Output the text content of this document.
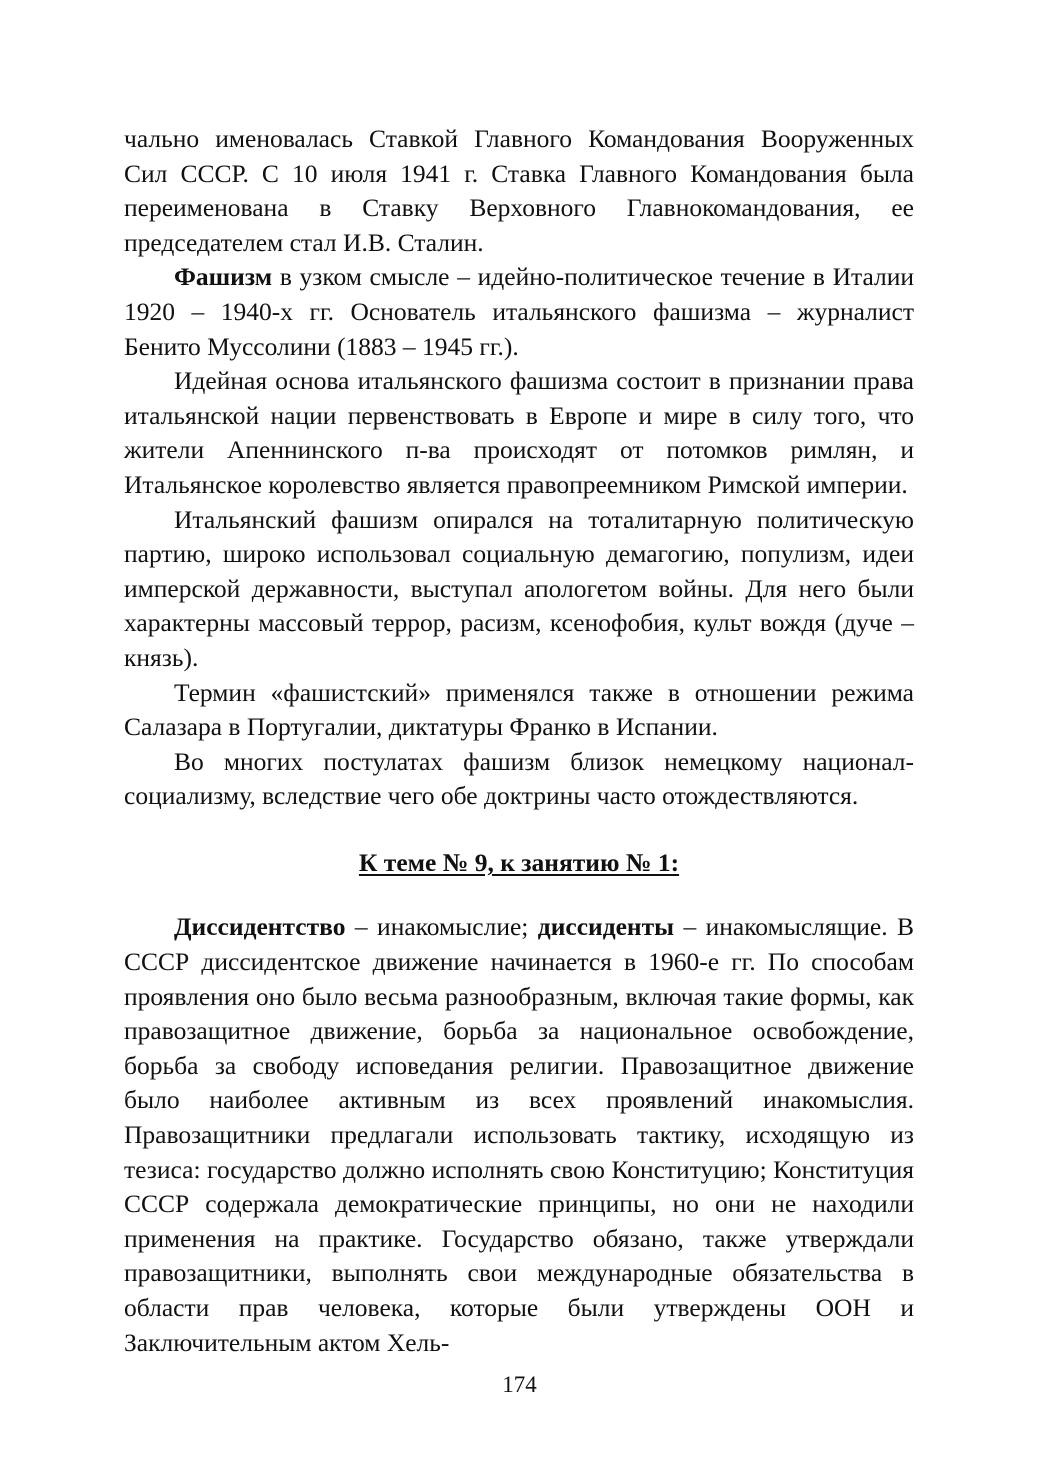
чально именовалась Ставкой Главного Командования Вооруженных Сил СССР. С 10 июля 1941 г. Ставка Главного Командования была переименована в Ставку Верховного Главнокомандования, ее председателем стал И.В. Сталин.

Фашизм в узком смысле – идейно-политическое течение в Италии 1920 – 1940-х гг. Основатель итальянского фашизма – журналист Бенито Муссолини (1883 – 1945 гг.).

Идейная основа итальянского фашизма состоит в признании права итальянской нации первенствовать в Европе и мире в силу того, что жители Апеннинского п-ва происходят от потомков римлян, и Итальянское королевство является правопреемником Римской империи.

Итальянский фашизм опирался на тоталитарную политическую партию, широко использовал социальную демагогию, популизм, идеи имперской державности, выступал апологетом войны. Для него были характерны массовый террор, расизм, ксенофобия, культ вождя (дуче – князь).

Термин «фашистский» применялся также в отношении режима Салазара в Португалии, диктатуры Франко в Испании.

Во многих постулатах фашизм близок немецкому национал-социализму, вследствие чего обе доктрины часто отождествляются.

К теме № 9, к занятию № 1:

Диссидентство – инакомыслие; диссиденты – инакомыслящие. В СССР диссидентское движение начинается в 1960-е гг. По способам проявления оно было весьма разнообразным, включая такие формы, как правозащитное движение, борьба за национальное освобождение, борьба за свободу исповедания религии. Правозащитное движение было наиболее активным из всех проявлений инакомыслия. Правозащитники предлагали использовать тактику, исходящую из тезиса: государство должно исполнять свою Конституцию; Конституция СССР содержала демократические принципы, но они не находили применения на практике. Государство обязано, также утверждали правозащитники, выполнять свои международные обязательства в области прав человека, которые были утверждены ООН и Заключительным актом Хель-

174
